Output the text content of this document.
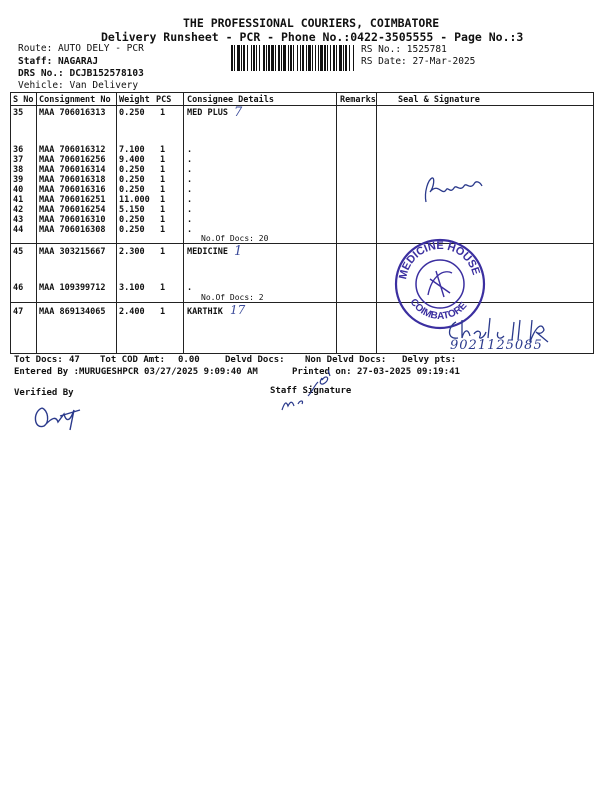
THE PROFESSIONAL COURIERS, COIMBATORE
Delivery Runsheet - PCR - Phone No.:0422-3505555 - Page No.:3
Route: AUTO DELY - PCR
Staff: NAGARAJ
DRS No.: DCJB152578103
Vehicle: Van Delivery
RS No.: 1525781
RS Date: 27-Mar-2025
S No Consignment No Weight PCS Consignee Details	Remarks	Seal & Signature
35 MAA 706016313 0.250 1	MED PLUS
36 MAA 706016312 7.100 1	.
37 MAA 706016256 9.400 1	.
38 MAA 706016314 0.250 1	.
39 MAA 706016318 0.250 1	.
40 MAA 706016316 0.250 1	.
41 MAA 706016251 11.000 1	.
42 MAA 706016254 5.150 1	.
43 MAA 706016310 0.250 1	.
44 MAA 706016308 0.250 1	.
45 MAA 303215667 2.300 1	MEDICINE
46 MAA 109399712 3.100 1	.
47 MAA 869134065 2.400 1	KARTHIK
No.Of Docs: 20
No.Of Docs: 2
7
1
17
MEDICINE HOUSE
COIMBATORE
9021125085
Tot Docs: 47 Tot COD Amt: 0.00	Delvd Docs: Non Delvd Docs: Delvy pts:
Entered By :MURUGESHPCR 03/27/2025 9:09:40 AM	Printed on: 27-03-2025 09:19:41
Verified By	Staff Signature
